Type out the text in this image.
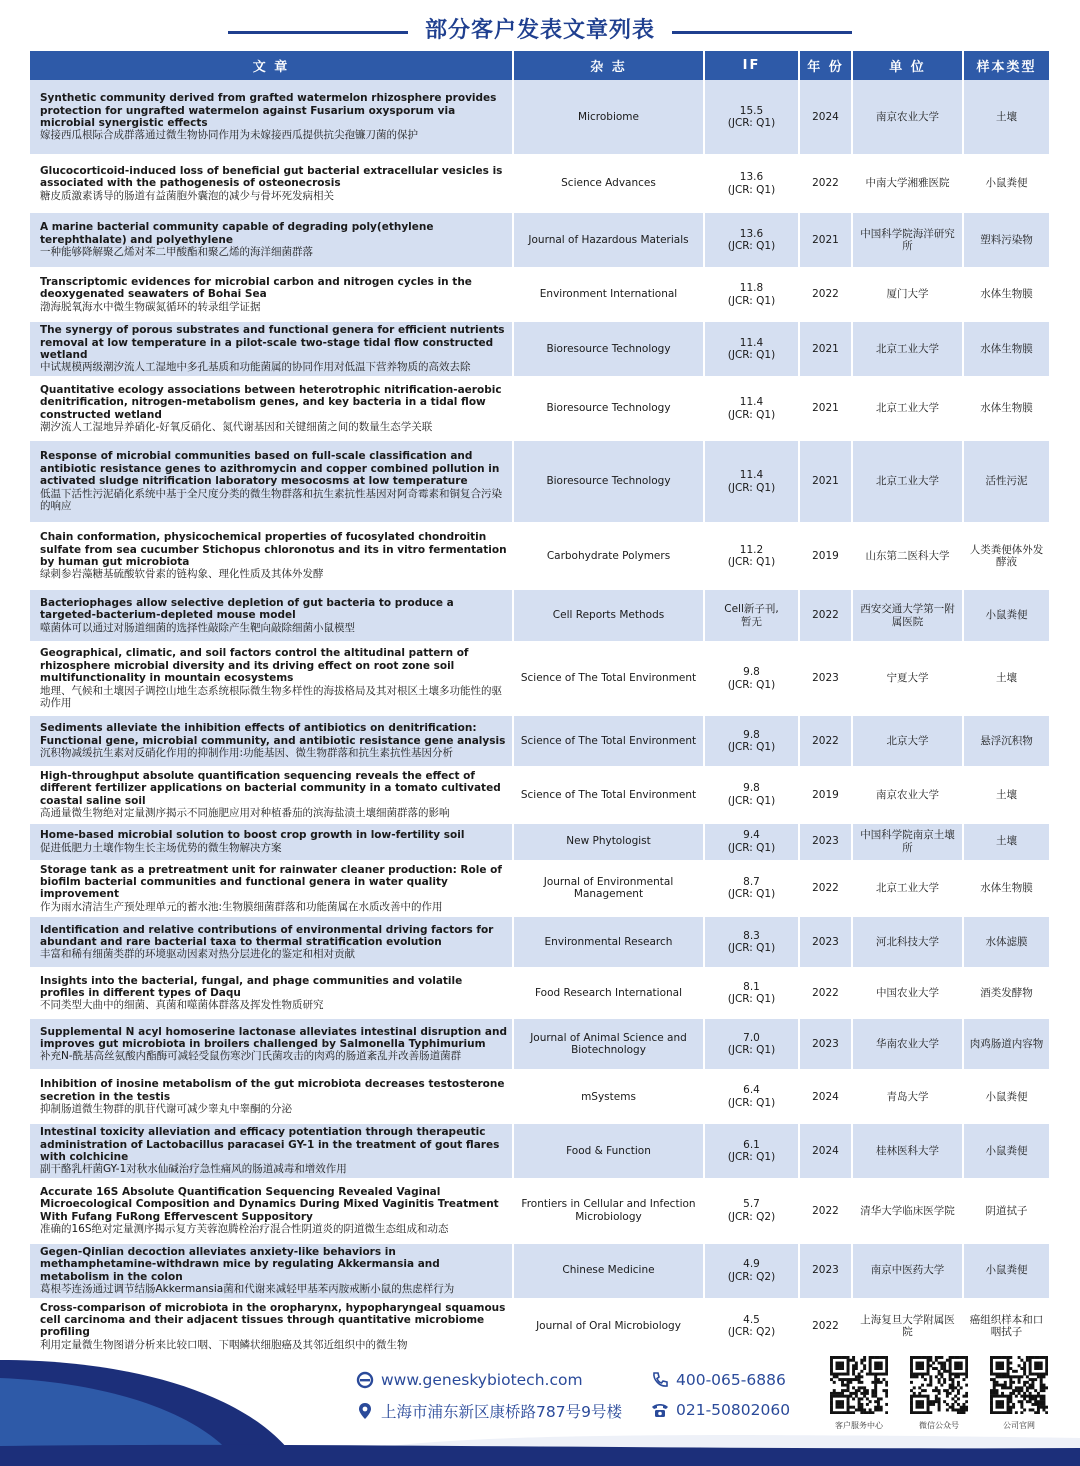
部分客户发表文章列表
文 章	杂 志	IF	年 份	单 位	样本类型

Synthetic community derived from grafted watermelon rhizosphere provides protection for ungrafted watermelon against Fusarium oxysporum via microbial synergistic effects
嫁接西瓜根际合成群落通过微生物协同作用为未嫁接西瓜提供抗尖孢镰刀菌的保护	Microbiome	15.5
(JCR: Q1)	2024	南京农业大学	土壤

Glucocorticoid-induced loss of beneficial gut bacterial extracellular vesicles is associated with the pathogenesis of osteonecrosis
糖皮质激素诱导的肠道有益菌胞外囊泡的减少与骨坏死发病相关	Science Advances	13.6
(JCR: Q1)	2022	中南大学湘雅医院	小鼠粪便

A marine bacterial community capable of degrading poly(ethylene terephthalate) and polyethylene
一种能够降解聚乙烯对苯二甲酸酯和聚乙烯的海洋细菌群落	Journal of Hazardous Materials	13.6
(JCR: Q1)	2021	中国科学院海洋研究所	塑料污染物

Transcriptomic evidences for microbial carbon and nitrogen cycles in the deoxygenated seawaters of Bohai Sea
渤海脱氧海水中微生物碳氮循环的转录组学证据	Environment International	11.8
(JCR: Q1)	2022	厦门大学	水体生物膜

The synergy of porous substrates and functional genera for efficient nutrients removal at low temperature in a pilot-scale two-stage tidal flow constructed wetland
中试规模两级潮汐流人工湿地中多孔基质和功能菌属的协同作用对低温下营养物质的高效去除	Bioresource Technology	11.4
(JCR: Q1)	2021	北京工业大学	水体生物膜

Quantitative ecology associations between heterotrophic nitrification-aerobic denitrification, nitrogen-metabolism genes, and key bacteria in a tidal flow constructed wetland
潮汐流人工湿地异养硝化-好氧反硝化、氮代谢基因和关键细菌之间的数量生态学关联	Bioresource Technology	11.4
(JCR: Q1)	2021	北京工业大学	水体生物膜

Response of microbial communities based on full-scale classification and antibiotic resistance genes to azithromycin and copper combined pollution in activated sludge nitrification laboratory mesocosms at low temperature
低温下活性污泥硝化系统中基于全尺度分类的微生物群落和抗生素抗性基因对阿奇霉素和铜复合污染的响应	Bioresource Technology	11.4
(JCR: Q1)	2021	北京工业大学	活性污泥

Chain conformation, physicochemical properties of fucosylated chondroitin sulfate from sea cucumber Stichopus chloronotus and its in vitro fermentation by human gut microbiota
绿刺参岩藻糖基硫酸软骨素的链构象、理化性质及其体外发酵	Carbohydrate Polymers	11.2
(JCR: Q1)	2019	山东第二医科大学	人类粪便体外发酵液

Bacteriophages allow selective depletion of gut bacteria to produce a targeted-bacterium-depleted mouse model
噬菌体可以通过对肠道细菌的选择性敲除产生靶向敲除细菌小鼠模型	Cell Reports Methods	Cell新子刊,
暂无	2022	西安交通大学第一附属医院	小鼠粪便

Geographical, climatic, and soil factors control the altitudinal pattern of rhizosphere microbial diversity and its driving effect on root zone soil multifunctionality in mountain ecosystems
地理、气候和土壤因子调控山地生态系统根际微生物多样性的海拔格局及其对根区土壤多功能性的驱动作用	Science of The Total Environment	9.8
(JCR: Q1)	2023	宁夏大学	土壤

Sediments alleviate the inhibition effects of antibiotics on denitrification: Functional gene, microbial community, and antibiotic resistance gene analysis
沉积物减缓抗生素对反硝化作用的抑制作用:功能基因、微生物群落和抗生素抗性基因分析	Science of The Total Environment	9.8
(JCR: Q1)	2022	北京大学	悬浮沉积物

High-throughput absolute quantification sequencing reveals the effect of different fertilizer applications on bacterial community in a tomato cultivated coastal saline soil
高通量微生物绝对定量测序揭示不同施肥应用对种植番茄的滨海盐渍土壤细菌群落的影响	Science of The Total Environment	9.8
(JCR: Q1)	2019	南京农业大学	土壤

Home-based microbial solution to boost crop growth in low-fertility soil
促进低肥力土壤作物生长主场优势的微生物解决方案	New Phytologist	9.4
(JCR: Q1)	2023	中国科学院南京土壤所	土壤

Storage tank as a pretreatment unit for rainwater cleaner production: Role of biofilm bacterial communities and functional genera in water quality improvement
作为雨水清洁生产预处理单元的蓄水池:生物膜细菌群落和功能菌属在水质改善中的作用	Journal of Environmental Management	8.7
(JCR: Q1)	2022	北京工业大学	水体生物膜

Identification and relative contributions of environmental driving factors for abundant and rare bacterial taxa to thermal stratification evolution
丰富和稀有细菌类群的环境驱动因素对热分层进化的鉴定和相对贡献	Environmental Research	8.3
(JCR: Q1)	2023	河北科技大学	水体滤膜

Insights into the bacterial, fungal, and phage communities and volatile profiles in different types of Daqu
不同类型大曲中的细菌、真菌和噬菌体群落及挥发性物质研究	Food Research International	8.1
(JCR: Q1)	2022	中国农业大学	酒类发酵物

Supplemental N acyl homoserine lactonase alleviates intestinal disruption and improves gut microbiota in broilers challenged by Salmonella Typhimurium
补充N-酰基高丝氨酸内酯酶可减轻受鼠伤寒沙门氏菌攻击的肉鸡的肠道紊乱并改善肠道菌群	Journal of Animal Science and Biotechnology	7.0
(JCR: Q1)	2023	华南农业大学	肉鸡肠道内容物

Inhibition of inosine metabolism of the gut microbiota decreases testosterone secretion in the testis
抑制肠道微生物群的肌苷代谢可减少睾丸中睾酮的分泌	mSystems	6.4
(JCR: Q1)	2024	青岛大学	小鼠粪便

Intestinal toxicity alleviation and efficacy potentiation through therapeutic administration of Lactobacillus paracasei GY-1 in the treatment of gout flares with colchicine
副干酪乳杆菌GY-1对秋水仙碱治疗急性痛风的肠道减毒和增效作用	Food & Function	6.1
(JCR: Q1)	2024	桂林医科大学	小鼠粪便

Accurate 16S Absolute Quantification Sequencing Revealed Vaginal Microecological Composition and Dynamics During Mixed Vaginitis Treatment With Fufang FuRong Effervescent Suppository
准确的16S绝对定量测序揭示复方芙蓉泡腾栓治疗混合性阴道炎的阴道微生态组成和动态	Frontiers in Cellular and Infection Microbiology	5.7
(JCR: Q2)	2022	清华大学临床医学院	阴道拭子

Gegen-Qinlian decoction alleviates anxiety-like behaviors in methamphetamine-withdrawn mice by regulating Akkermansia and metabolism in the colon
葛根芩连汤通过调节结肠Akkermansia菌和代谢来减轻甲基苯丙胺戒断小鼠的焦虑样行为	Chinese Medicine	4.9
(JCR: Q2)	2023	南京中医药大学	小鼠粪便

Cross-comparison of microbiota in the oropharynx, hypopharyngeal squamous cell carcinoma and their adjacent tissues through quantitative microbiome profiling
利用定量微生物图谱分析来比较口咽、下咽鳞状细胞癌及其邻近组织中的微生物	Journal of Oral Microbiology	4.5
(JCR: Q2)	2022	上海复旦大学附属医院	癌组织样本和口咽拭子
www.geneskybiotech.com	400-065-6886
上海市浦东新区康桥路787号9号楼	021-50802060
客户服务中心	微信公众号	公司官网
